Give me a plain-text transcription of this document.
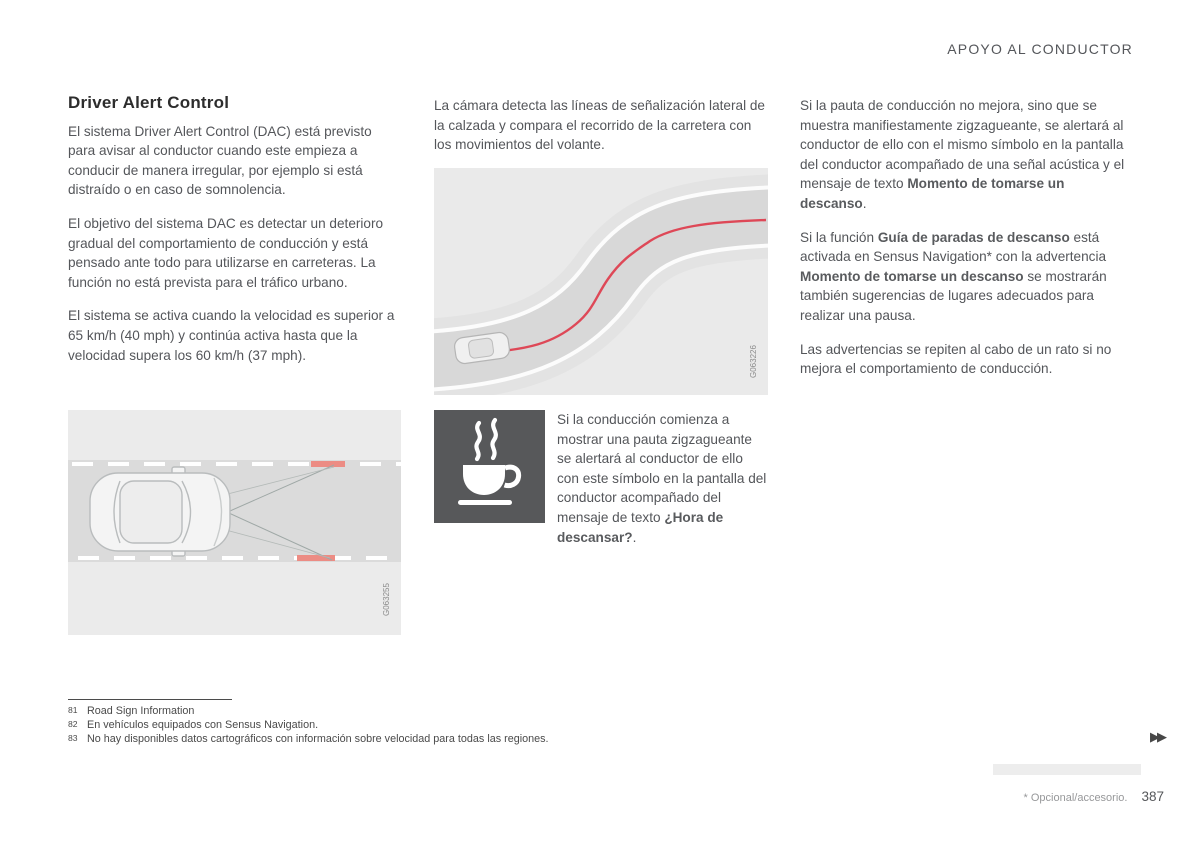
APOYO AL CONDUCTOR
Driver Alert Control

El sistema Driver Alert Control (DAC) está previsto para avisar al conductor cuando este empieza a conducir de manera irregular, por ejemplo si está distraído o en caso de somnolencia.

El objetivo del sistema DAC es detectar un deterioro gradual del comportamiento de conducción y está pensado ante todo para utilizarse en carreteras. La función no está prevista para el tráfico urbano.

El sistema se activa cuando la velocidad es superior a 65 km/h (40 mph) y continúa activa hasta que la velocidad supera los 60 km/h (37 mph).

G063255

La cámara detecta las líneas de señalización lateral de la calzada y compara el recorrido de la carretera con los movimientos del volante.

G063226
Si la conducción comienza a mostrar una pauta zigzagueante se alertará al conductor de ello con este símbolo en la pantalla del conductor acompañado del mensaje de texto ¿Hora de descansar?.

Si la pauta de conducción no mejora, sino que se muestra manifiestamente zigzagueante, se alertará al conductor de ello con el mismo símbolo en la pantalla del conductor acompañado de una señal acústica y el mensaje de texto Momento de tomarse un descanso.

Si la función Guía de paradas de descanso está activada en Sensus Navigation* con la advertencia Momento de tomarse un descanso se mostrarán también sugerencias de lugares adecuados para realizar una pausa.

Las advertencias se repiten al cabo de un rato si no mejora el comportamiento de conducción.

81 Road Sign Information
82 En vehículos equipados con Sensus Navigation.
83 No hay disponibles datos cartográficos con información sobre velocidad para todas las regiones.	▶▶
* Opcional/accesorio. 387
